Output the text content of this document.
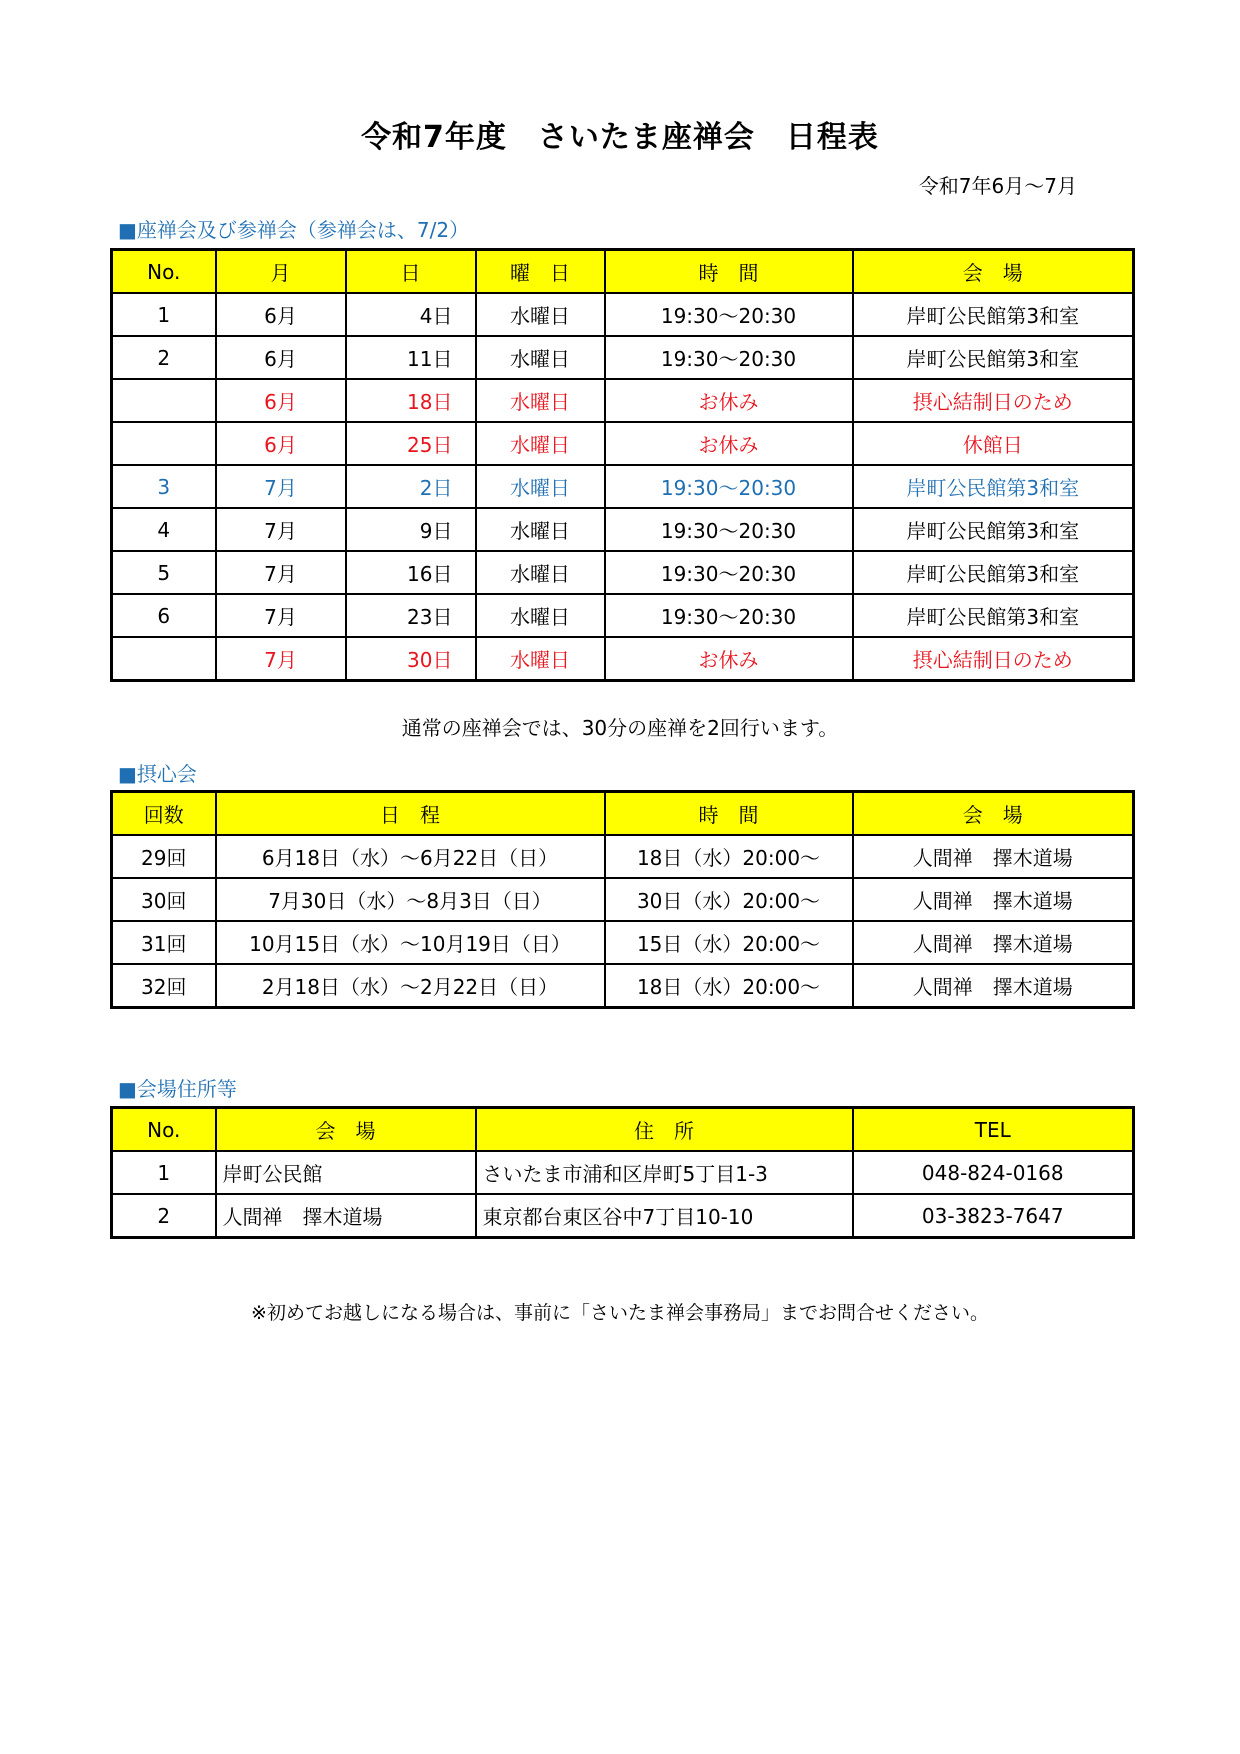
令和7年度　さいたま座禅会　日程表
令和7年6月～7月
■座禅会及び参禅会（参禅会は、7/2）
No.	月	日	曜　日	時　間	会　場
1	6月	4日	水曜日	19:30～20:30	岸町公民館第3和室
2	6月	11日	水曜日	19:30～20:30	岸町公民館第3和室
	6月	18日	水曜日	お休み	摂心結制日のため
	6月	25日	水曜日	お休み	休館日
3	7月	2日	水曜日	19:30～20:30	岸町公民館第3和室
4	7月	9日	水曜日	19:30～20:30	岸町公民館第3和室
5	7月	16日	水曜日	19:30～20:30	岸町公民館第3和室
6	7月	23日	水曜日	19:30～20:30	岸町公民館第3和室
	7月	30日	水曜日	お休み	摂心結制日のため
通常の座禅会では、30分の座禅を2回行います。
■摂心会
回数	日　程	時　間	会　場
29回	6月18日（水）～6月22日（日）	18日（水）20:00～	人間禅　擇木道場
30回	7月30日（水）～8月3日（日）	30日（水）20:00～	人間禅　擇木道場
31回	10月15日（水）～10月19日（日）	15日（水）20:00～	人間禅　擇木道場
32回	2月18日（水）～2月22日（日）	18日（水）20:00～	人間禅　擇木道場
■会場住所等
No.	会　場	住　所	TEL
1	岸町公民館	さいたま市浦和区岸町5丁目1-3	048-824-0168
2	人間禅　擇木道場	東京都台東区谷中7丁目10-10	03-3823-7647
※初めてお越しになる場合は、事前に「さいたま禅会事務局」までお問合せください。
